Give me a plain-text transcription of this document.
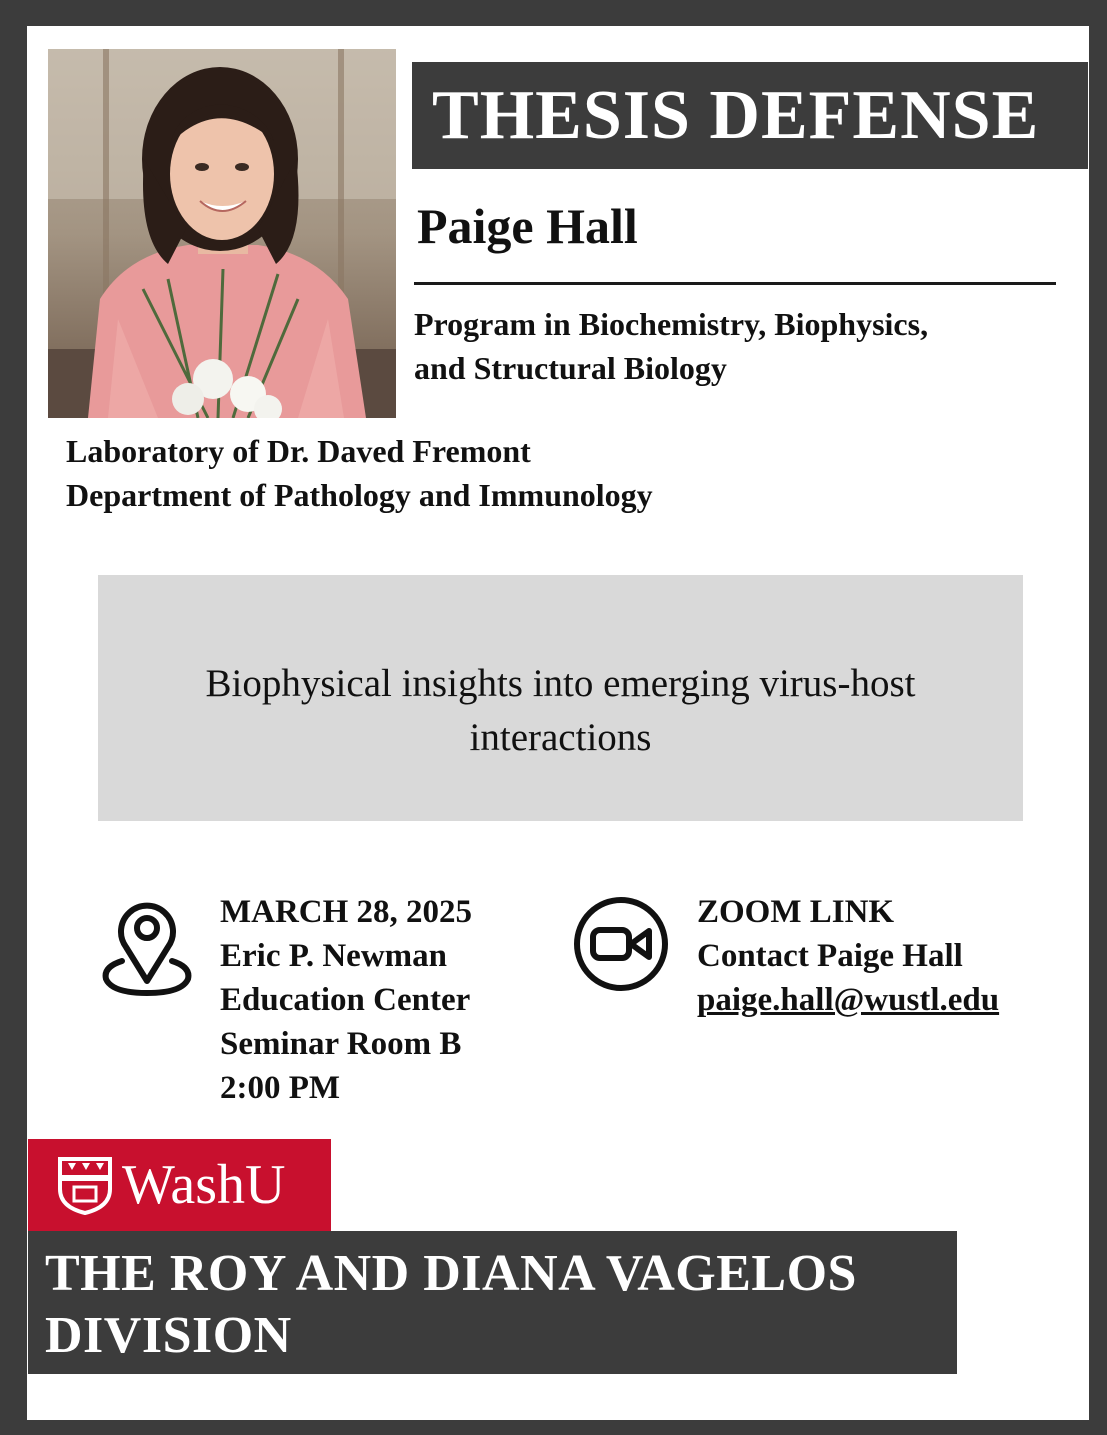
THESIS DEFENSE
Paige Hall
Program in Biochemistry, Biophysics,
and Structural Biology
Laboratory of Dr. Daved Fremont
Department of Pathology and Immunology
Biophysical insights into emerging virus-host
interactions
MARCH 28, 2025
Eric P. Newman
Education Center
Seminar Room B
2:00 PM
ZOOM LINK
Contact Paige Hall
paige.hall@wustl.edu
WashU
THE ROY AND DIANA VAGELOS
DIVISION
